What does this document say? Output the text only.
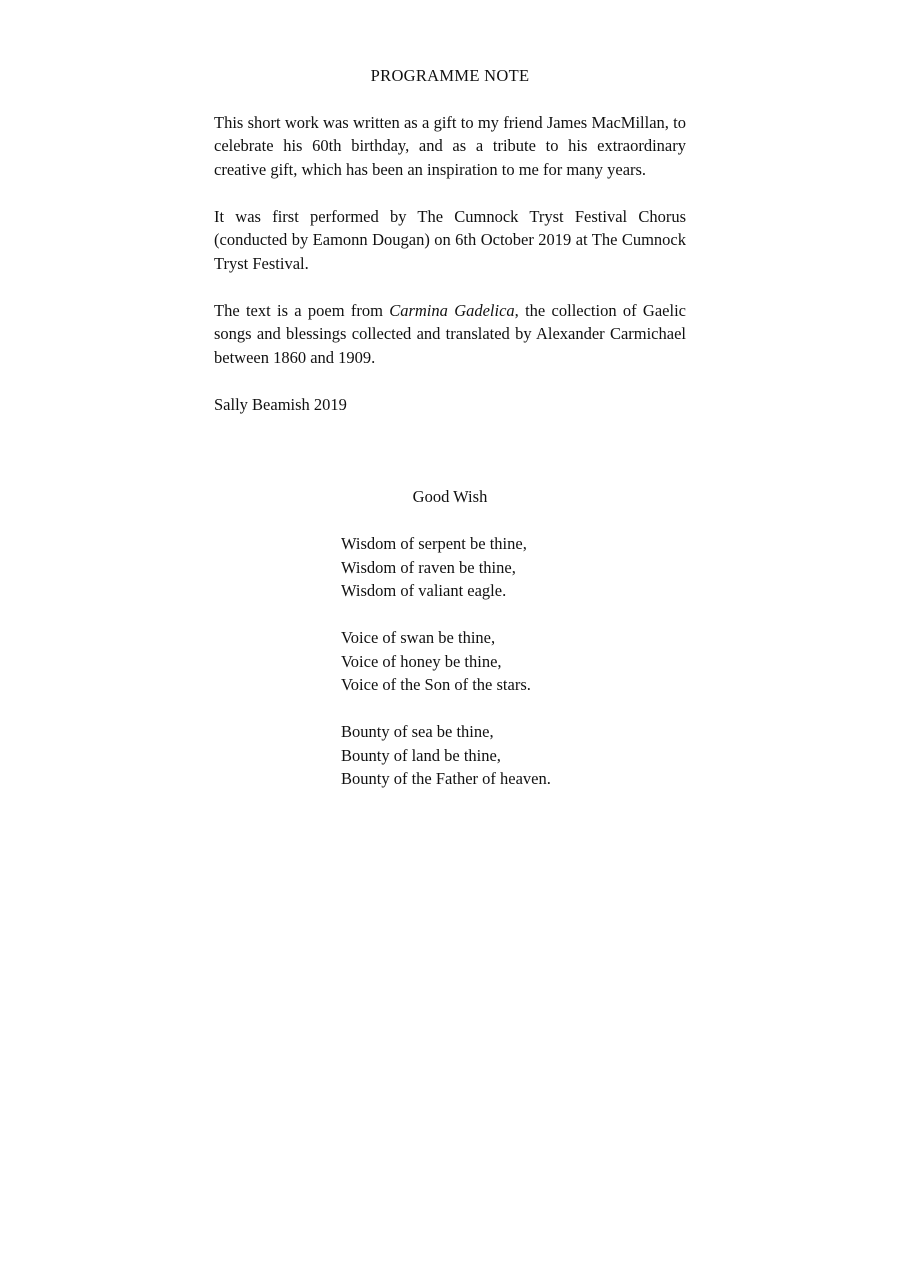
PROGRAMME NOTE

This short work was written as a gift to my friend James MacMillan, to celebrate his 60th birthday, and as a tribute to his extraordinary creative gift, which has been an inspiration to me for many years.

It was first performed by The Cumnock Tryst Festival Chorus (conducted by Eamonn Dougan) on 6th October 2019 at The Cumnock Tryst Festival.

The text is a poem from Carmina Gadelica, the collection of Gaelic songs and blessings collected and translated by Alexander Carmichael between 1860 and 1909.

Sally Beamish 2019

Good Wish
Wisdom of serpent be thine,
Wisdom of raven be thine,
Wisdom of valiant eagle.
Voice of swan be thine,
Voice of honey be thine,
Voice of the Son of the stars.
Bounty of sea be thine,
Bounty of land be thine,
Bounty of the Father of heaven.
